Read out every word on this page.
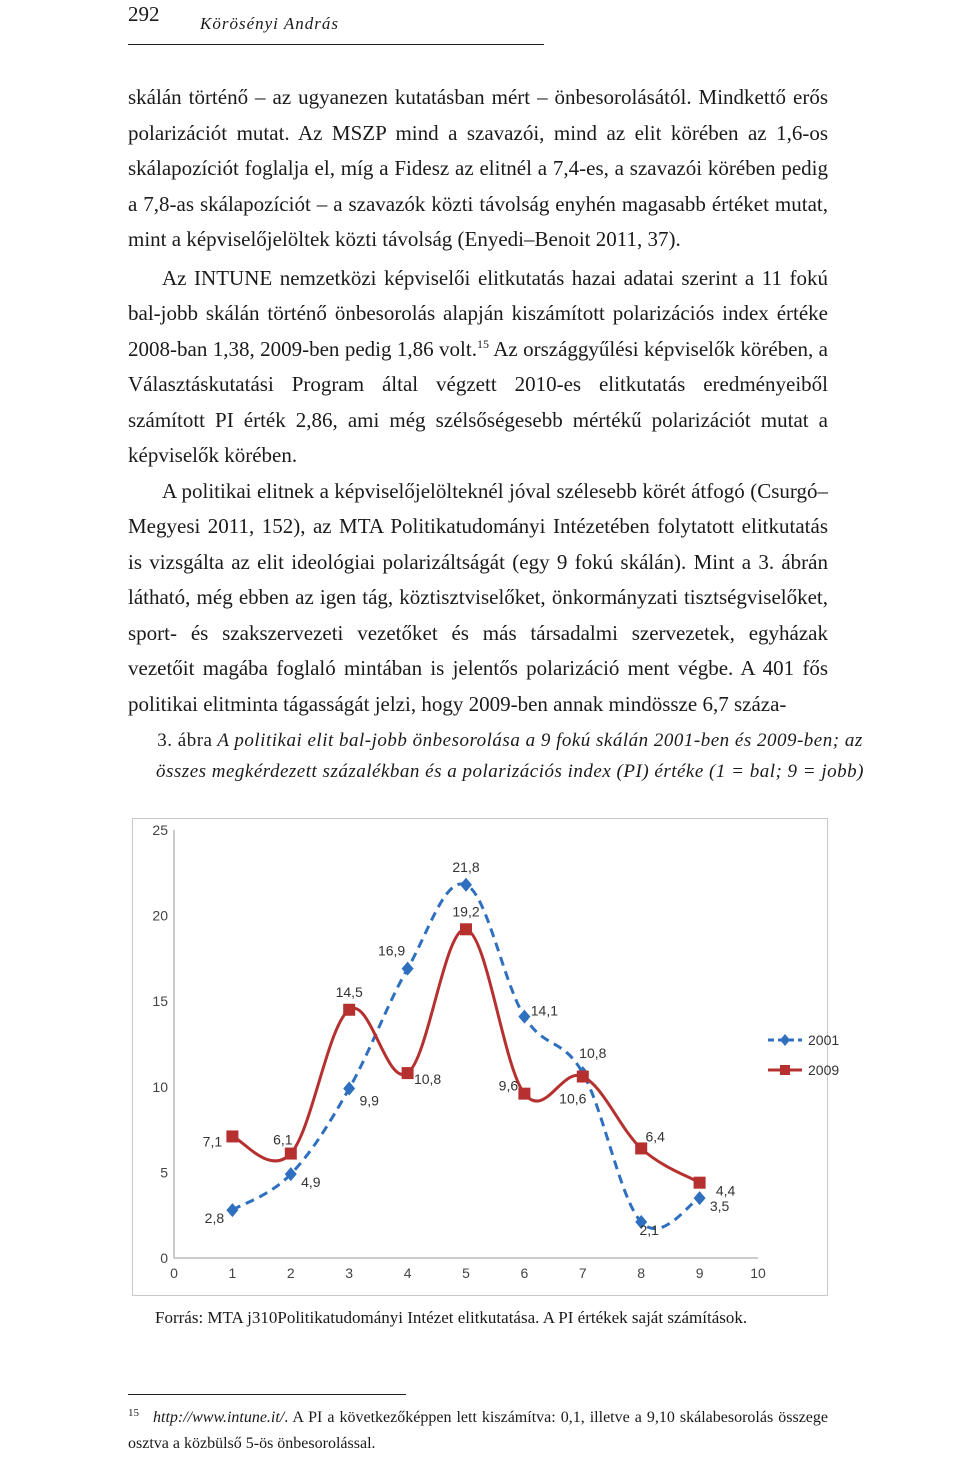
292 Körösényi András

skálán történő – az ugyanezen kutatásban mért – önbesorolásától. Mindkettő erős polarizációt mutat. Az MSZP mind a szavazói, mind az elit körében az 1,6-os skálapozíciót foglalja el, míg a Fidesz az elitnél a 7,4-es, a szavazói körében pedig a 7,8-as skálapozíciót – a szavazók közti távolság enyhén magasabb értéket mutat, mint a képviselőjelöltek közti távolság (Enyedi–Benoit 2011, 37).

Az INTUNE nemzetközi képviselői elitkutatás hazai adatai szerint a 11 fokú bal-jobb skálán történő önbesorolás alapján kiszámított polarizációs index értéke 2008-ban 1,38, 2009-ben pedig 1,86 volt.$^{15}$ Az országgyűlési képviselők körében, a Választáskutatási Program által végzett 2010-es elitkutatás eredményeiből számított PI érték 2,86, ami még szélsőségesebb mértékű polarizációt mutat a képviselők körében.

A politikai elitnek a képviselőjelölteknél jóval szélesebb körét átfogó (Csurgó–Megyesi 2011, 152), az MTA Politikatudományi Intézetében folytatott elitkutatás is vizsgálta az elit ideológiai polarizáltságát (egy 9 fokú skálán). Mint a 3. ábrán látható, még ebben az igen tág, köztisztviselőket, önkormányzati tisztségviselőket, sport- és szakszervezeti vezetőket és más társadalmi szervezetek, egyházak vezetőit magába foglaló mintában is jelentős polarizáció ment végbe. A 401 fős politikai elitminta tágasságát jelzi, hogy 2009-ben annak mindössze 6,7 száza-

3. ábra A politikai elit bal-jobb önbesorolása a 9 fokú skálán 2001-ben és 2009-ben; az összes megkérdezett százalékban és a polarizációs index (PI) értéke (1 = bal; 9 = jobb)
0
5
10
15
20
25
0	1	2	3	4	5	6	7	8	9	10
2,8
4,9
9,9
16,9
21,8
14,1
10,8
2,1
3,5
7,1	6,1
14,5
10,8
19,2
9,6
10,6
6,4
4,4
2001
2009
Forrás: MTA j310Politikatudományi Intézet elitkutatása. A PI értékek saját számítások.
$^{15}$ http://www.intune.it/. A PI a következőképpen lett kiszámítva: 0,1, illetve a 9,10 skálabesorolás összege osztva a közbülső 5-ös önbesorolással.
